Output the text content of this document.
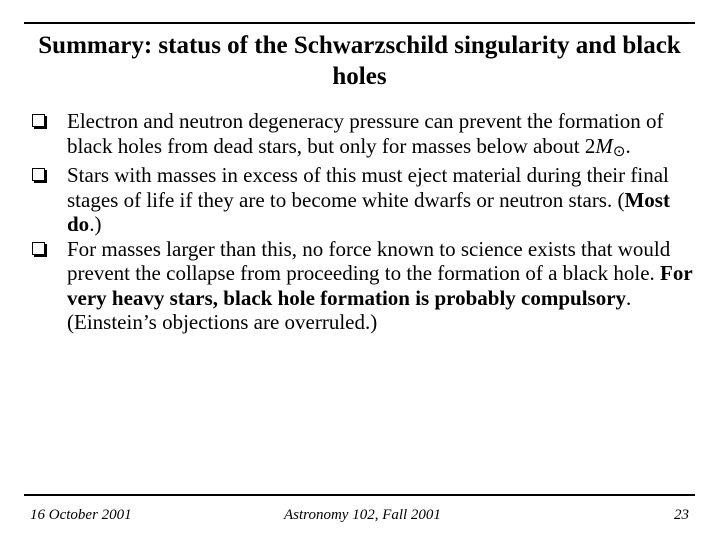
Summary: status of the Schwarzschild singularity and black holes
Electron and neutron degeneracy pressure can prevent the formation of black holes from dead stars, but only for masses below about 2M⊙.
Stars with masses in excess of this must eject material during their final stages of life if they are to become white dwarfs or neutron stars. (Most do.)
For masses larger than this, no force known to science exists that would prevent the collapse from proceeding to the formation of a black hole. For very heavy stars, black hole formation is probably compulsory. (Einstein’s objections are overruled.)
16 October 2001	Astronomy 102, Fall 2001	23
